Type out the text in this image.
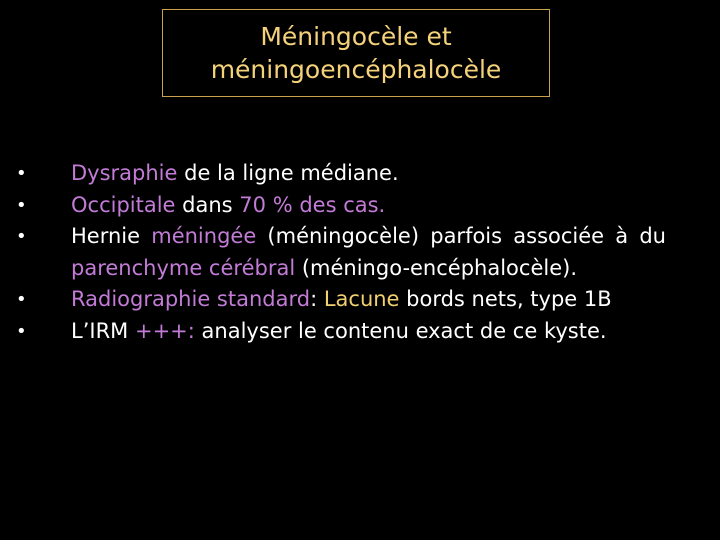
Méningocèle et
méningoencéphalocèle
•	Dysraphie de la ligne médiane.
•	Occipitale dans 70 % des cas.
•	Hernie méningée (méningocèle) parfois associée à du parenchyme cérébral (méningo-encéphalocèle).
•	Radiographie standard: Lacune bords nets, type 1B
•	L’IRM +++: analyser le contenu exact de ce kyste.
